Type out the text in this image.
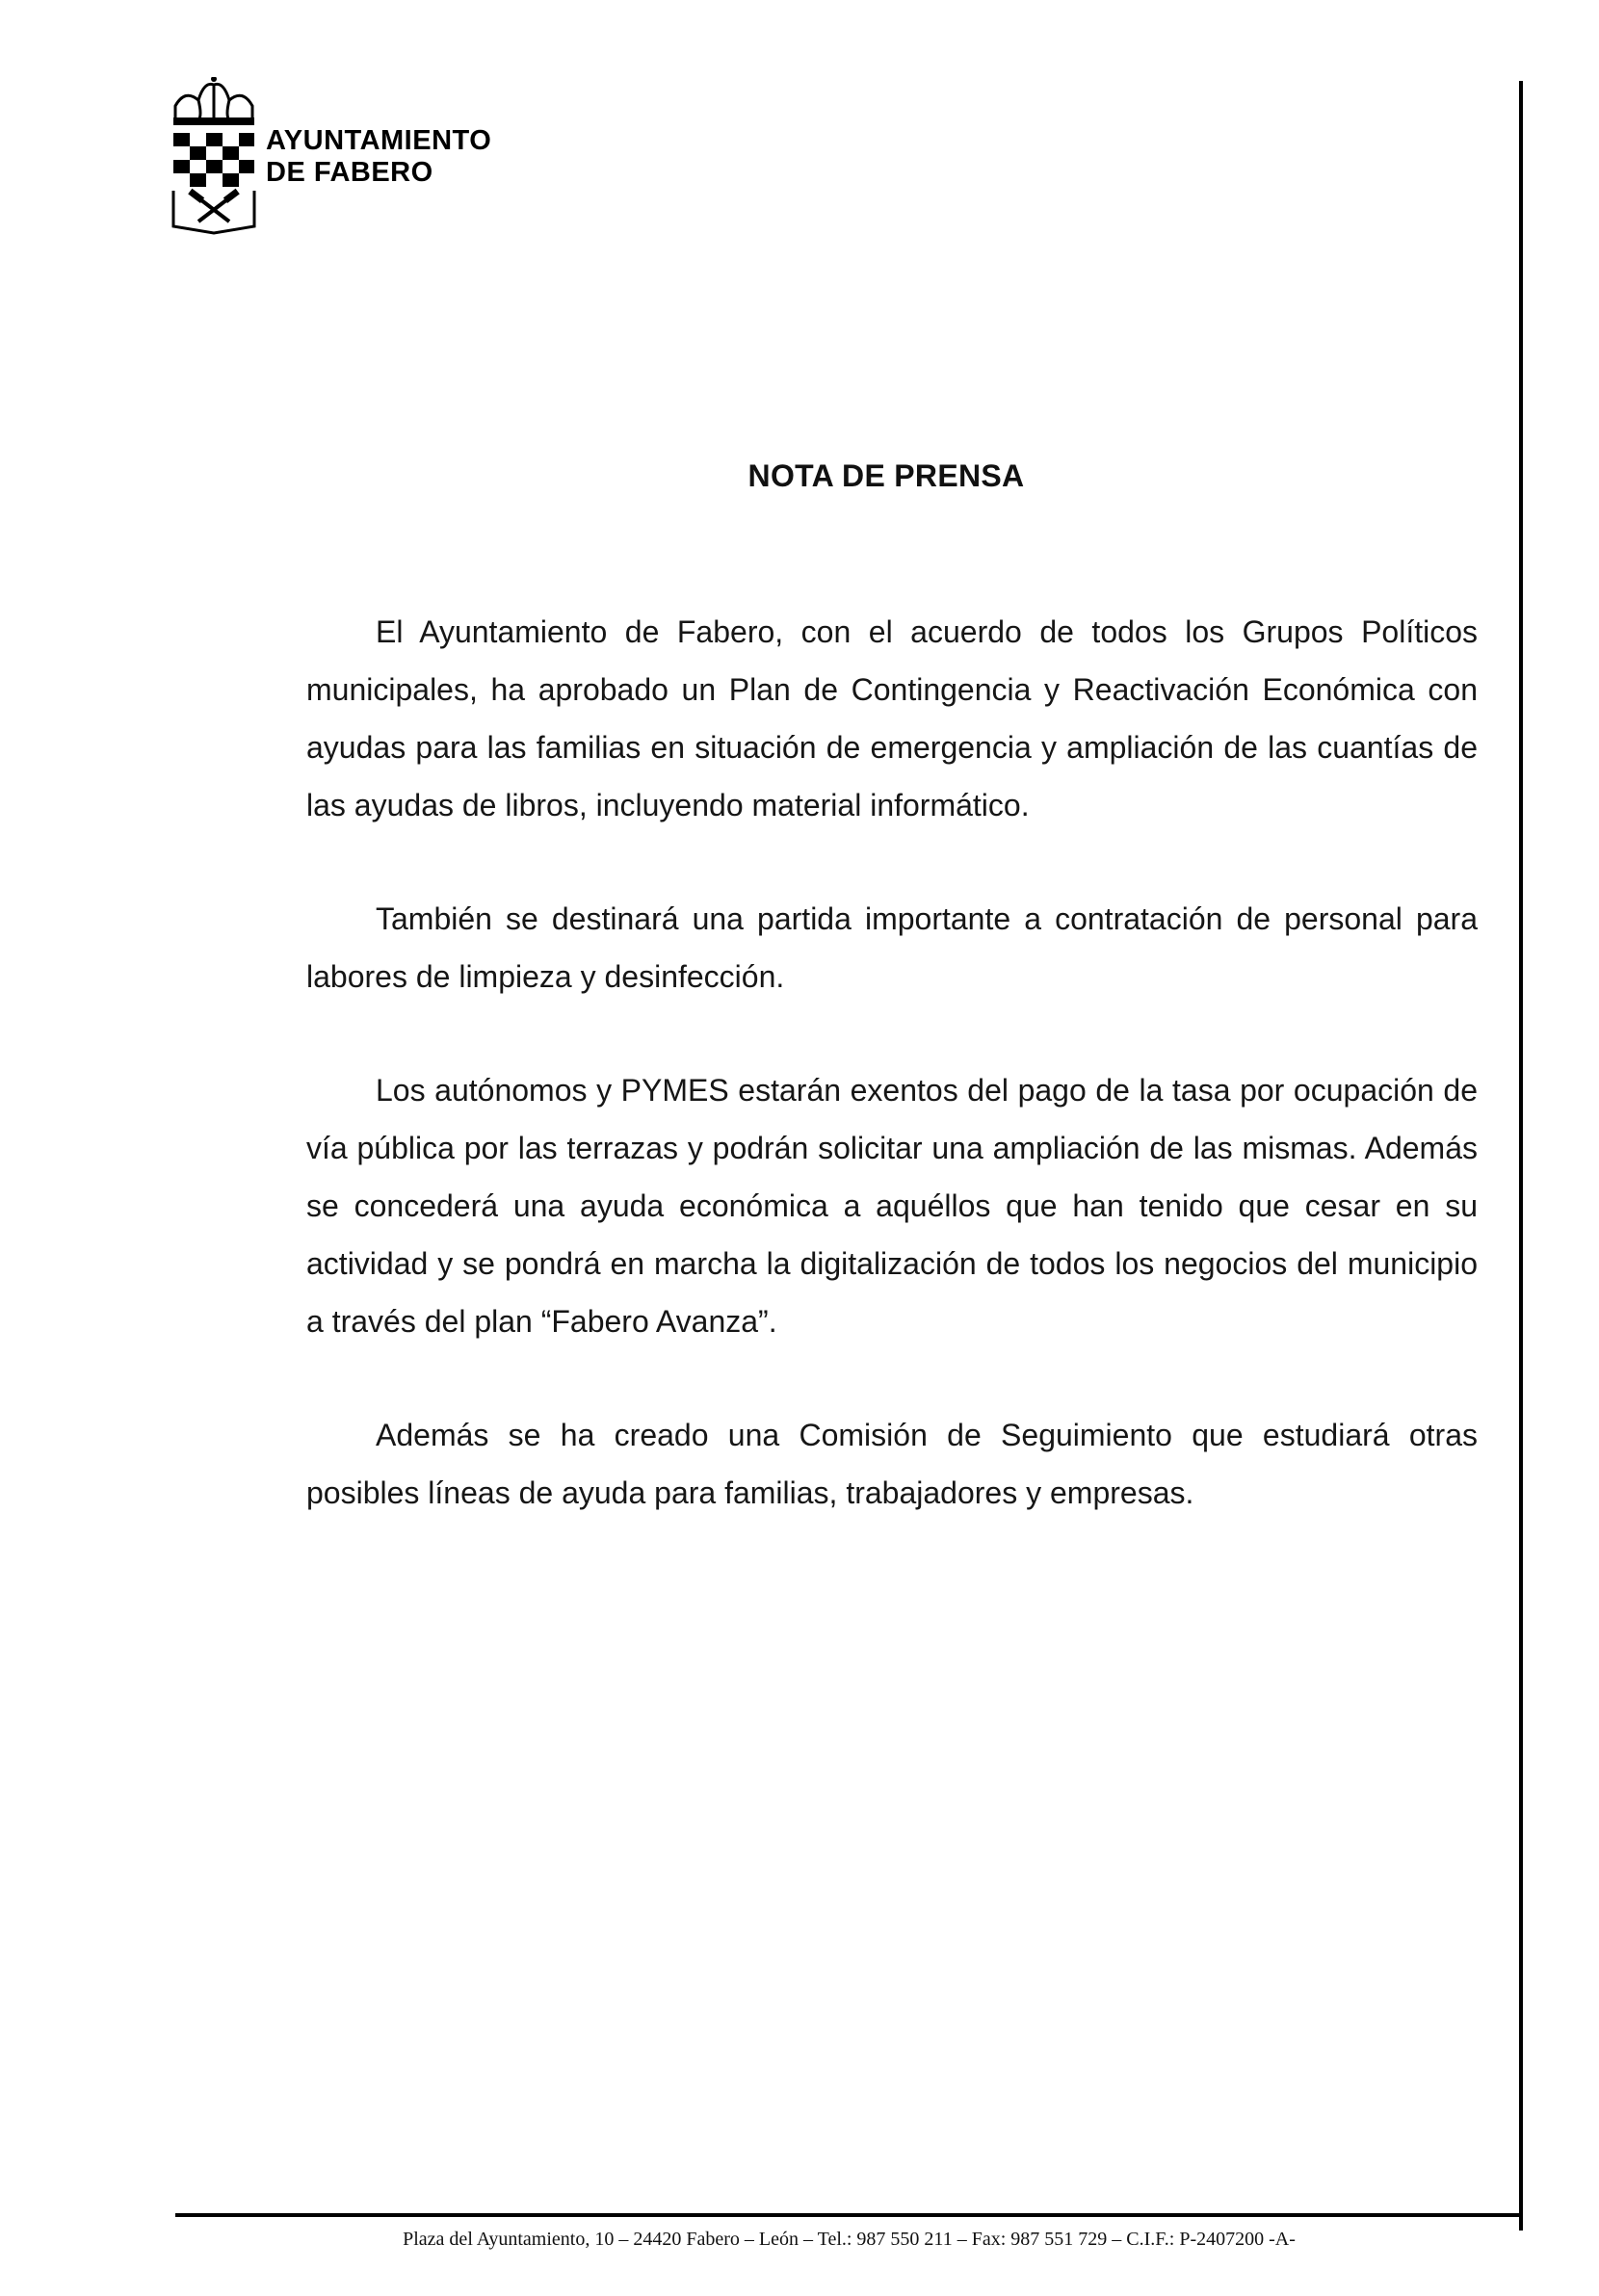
AYUNTAMIENTO
DE FABERO
NOTA DE PRENSA

El Ayuntamiento de Fabero, con el acuerdo de todos los Grupos Políticos municipales, ha aprobado un Plan de Contingencia y Reactivación Económica con ayudas para las familias en situación de emergencia y ampliación de las cuantías de las ayudas de libros, incluyendo material informático.

También se destinará una partida importante a contratación de personal para labores de limpieza y desinfección.

Los autónomos y PYMES estarán exentos del pago de la tasa por ocupación de vía pública por las terrazas y podrán solicitar una ampliación de las mismas. Además se concederá una ayuda económica a aquéllos que han tenido que cesar en su actividad y se pondrá en marcha la digitalización de todos los negocios del municipio a través del plan “Fabero Avanza”.

Además se ha creado una Comisión de Seguimiento que estudiará otras posibles líneas de ayuda para familias, trabajadores y empresas.

Plaza del Ayuntamiento, 10 – 24420 Fabero – León – Tel.: 987 550 211 – Fax: 987 551 729 – C.I.F.: P-2407200 -A-
